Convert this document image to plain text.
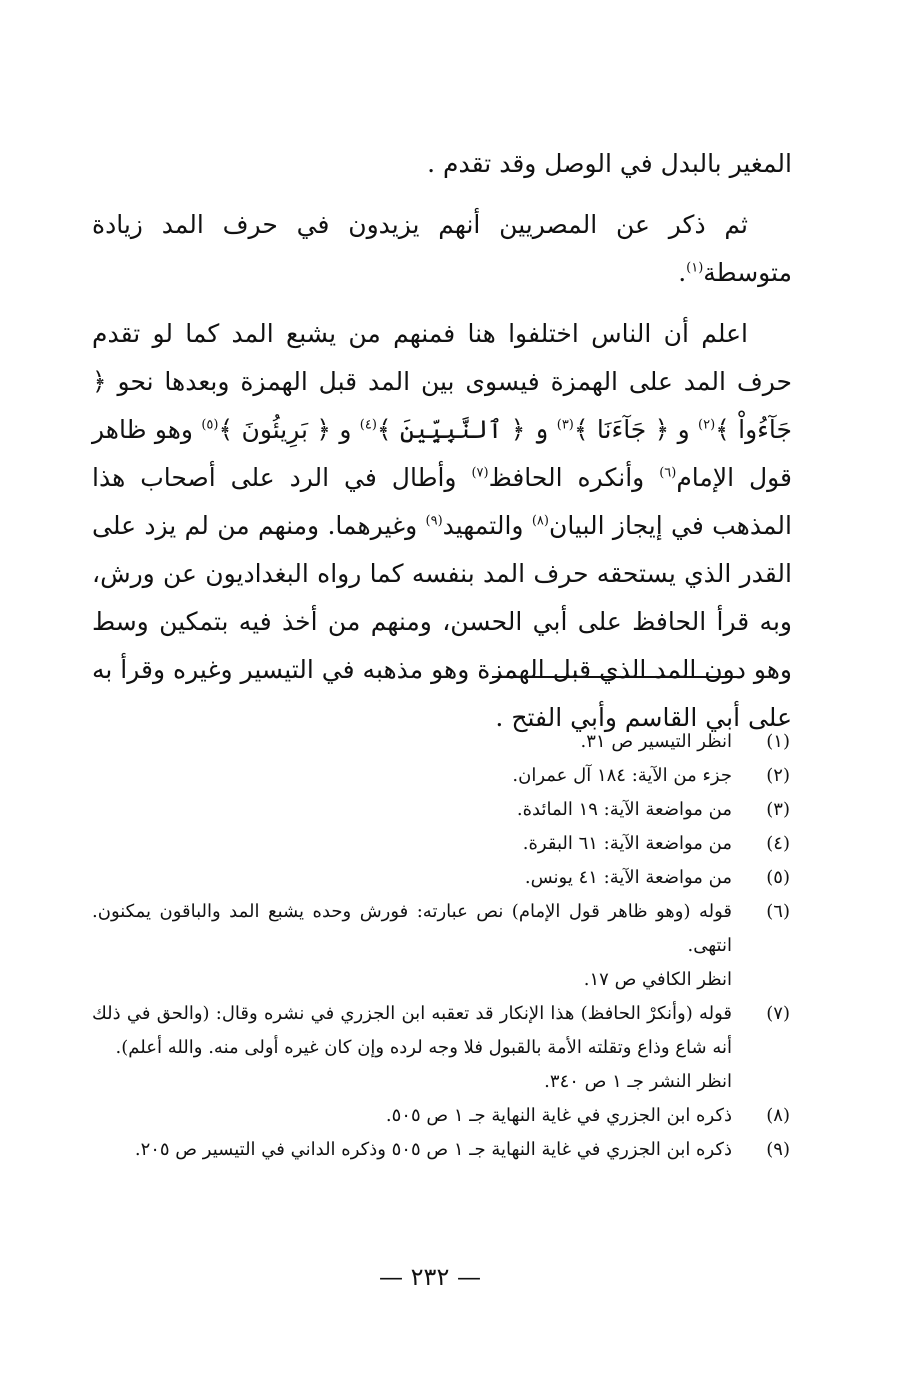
المغير بالبدل في الوصل وقد تقدم .

ثم ذكر عن المصريين أنهم يزيدون في حرف المد زيادة متوسطة$^{(١)}$.

اعلم أن الناس اختلفوا هنا فمنهم من يشبع المد كما لو تقدم حرف المد على الهمزة فيسوى بين المد قبل الهمزة وبعدها نحو ﴿ جَآءُواْ ﴾$^{(٢)}$ و ﴿ جَآءَنَا ﴾$^{(٣)}$ و ﴿ ٱلنَّبِيِّينَ ﴾$^{(٤)}$ و ﴿ بَرِيئُونَ ﴾$^{(٥)}$ وهو ظاهر قول الإمام$^{(٦)}$ وأنكره الحافظ$^{(٧)}$ وأطال في الرد على أصحاب هذا المذهب في إيجاز البيان$^{(٨)}$ والتمهيد$^{(٩)}$ وغيرهما. ومنهم من لم يزد على القدر الذي يستحقه حرف المد بنفسه كما رواه البغداديون عن ورش، وبه قرأ الحافظ على أبي الحسن، ومنهم من أخذ فيه بتمكين وسط وهو دون المد الذي قبل الهمزة وهو مذهبه في التيسير وغيره وقرأ به على أبي القاسم وأبي الفتح .

(١)
انظر التيسير ص ٣١.
(٢)
جزء من الآية: ١٨٤ آل عمران.
(٣)
من مواضعة الآية: ١٩ المائدة.
(٤)
من مواضعة الآية: ٦١ البقرة.
(٥)
من مواضعة الآية: ٤١ يونس.
(٦)
قوله (وهو ظاهر قول الإمام) نص عبارته: فورش وحده يشبع المد والباقون يمكنون. انتهى.
انظر الكافي ص ١٧.
(٧)
قوله (وأنكرْ الحافظ) هذا الإنكار قد تعقبه ابن الجزري في نشره وقال: (والحق في ذلك أنه شاع وذاع وتقلته الأمة بالقبول فلا وجه لرده وإن كان غيره أولى منه. والله أعلم).
انظر النشر جـ ١ ص ٣٤٠.
(٨)
ذكره ابن الجزري في غاية النهاية جـ ١ ص ٥٠٥.
(٩)
ذكره ابن الجزري في غاية النهاية جـ ١ ص ٥٠٥ وذكره الداني في التيسير ص ٢٠٥.
— ٢٣٢ —
